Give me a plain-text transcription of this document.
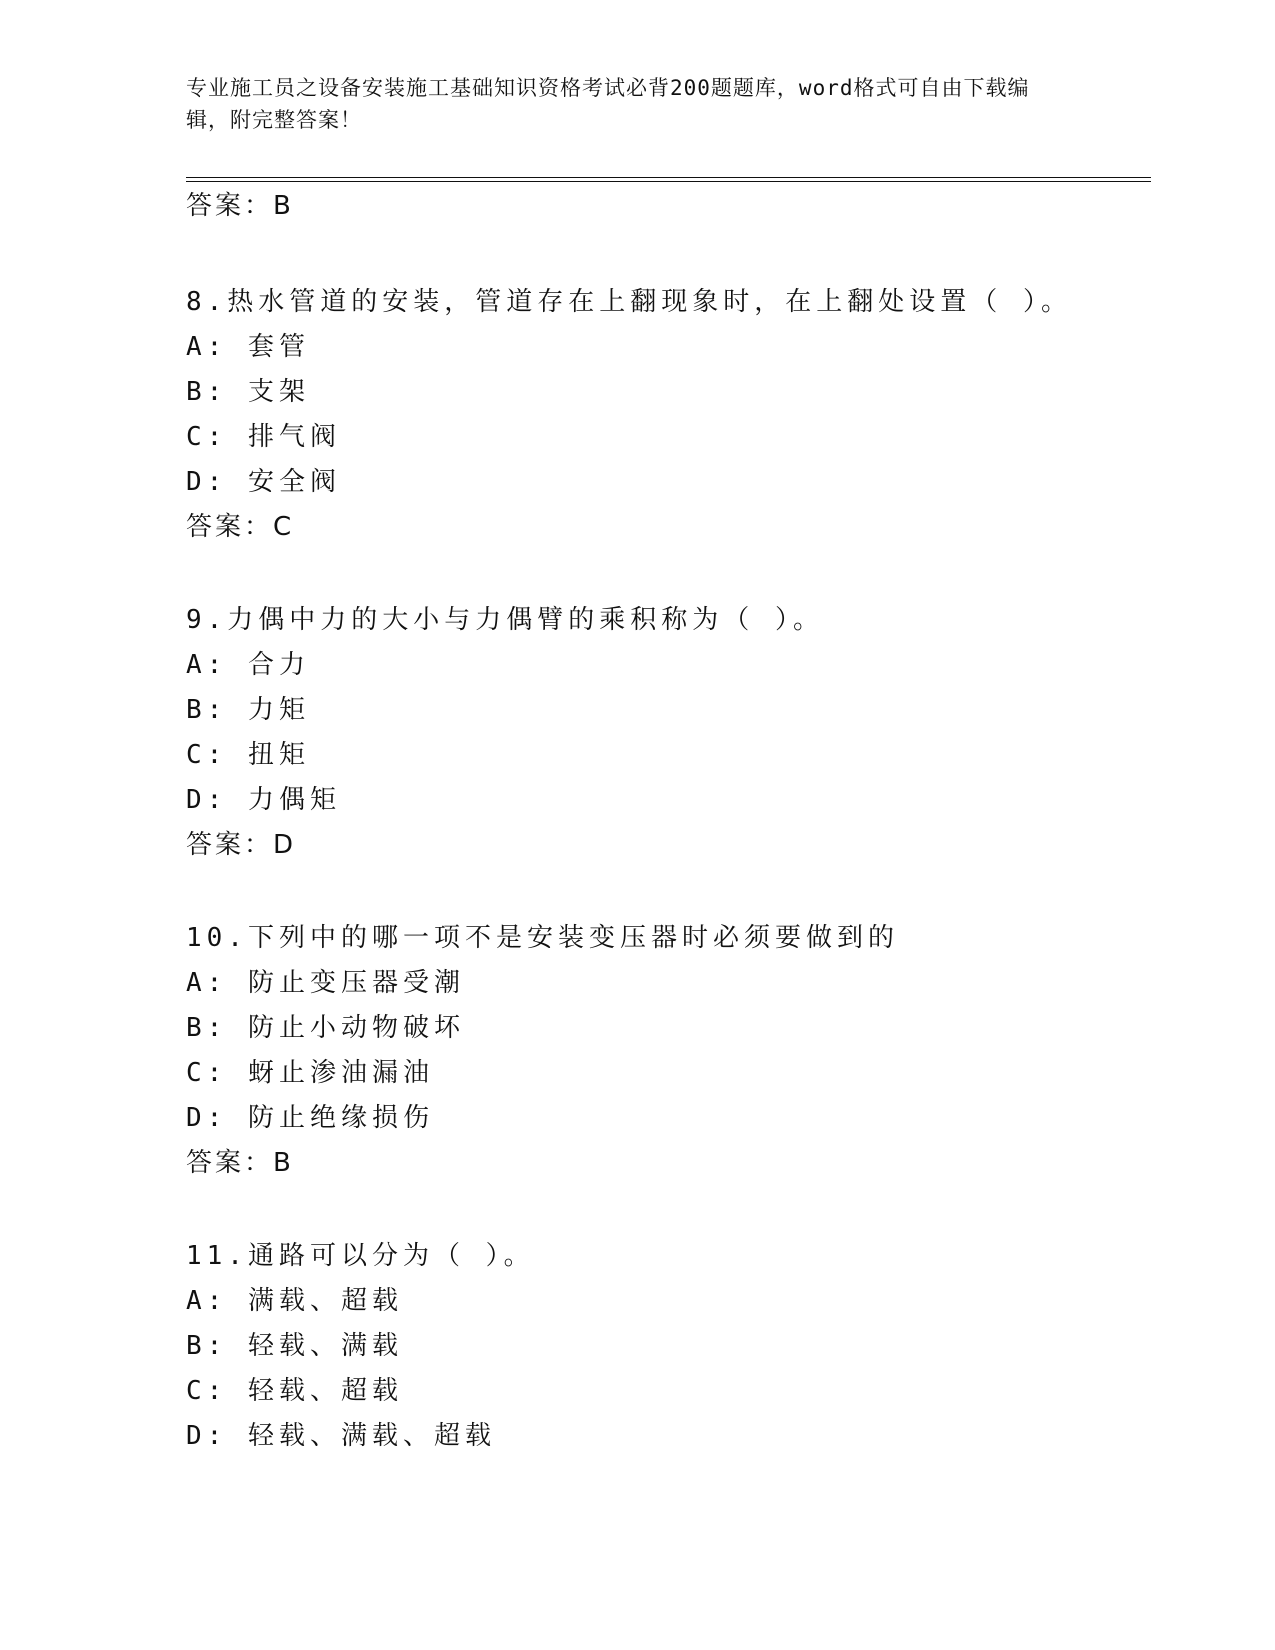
专业施工员之设备安装施工基础知识资格考试必背200题题库，word格式可自由下载编辑，附完整答案！
答案：B
8.热水管道的安装，管道存在上翻现象时，在上翻处设置（ ）。
A: 套管
B: 支架
C: 排气阀
D: 安全阀
答案：C
9.力偶中力的大小与力偶臂的乘积称为（ ）。
A: 合力
B: 力矩
C: 扭矩
D: 力偶矩
答案：D
10.下列中的哪一项不是安装变压器时必须要做到的
A: 防止变压器受潮
B: 防止小动物破坏
C: 蚜止渗油漏油
D: 防止绝缘损伤
答案：B
11.通路可以分为（ ）。
A: 满载、超载
B: 轻载、满载
C: 轻载、超载
D: 轻载、满载、超载
